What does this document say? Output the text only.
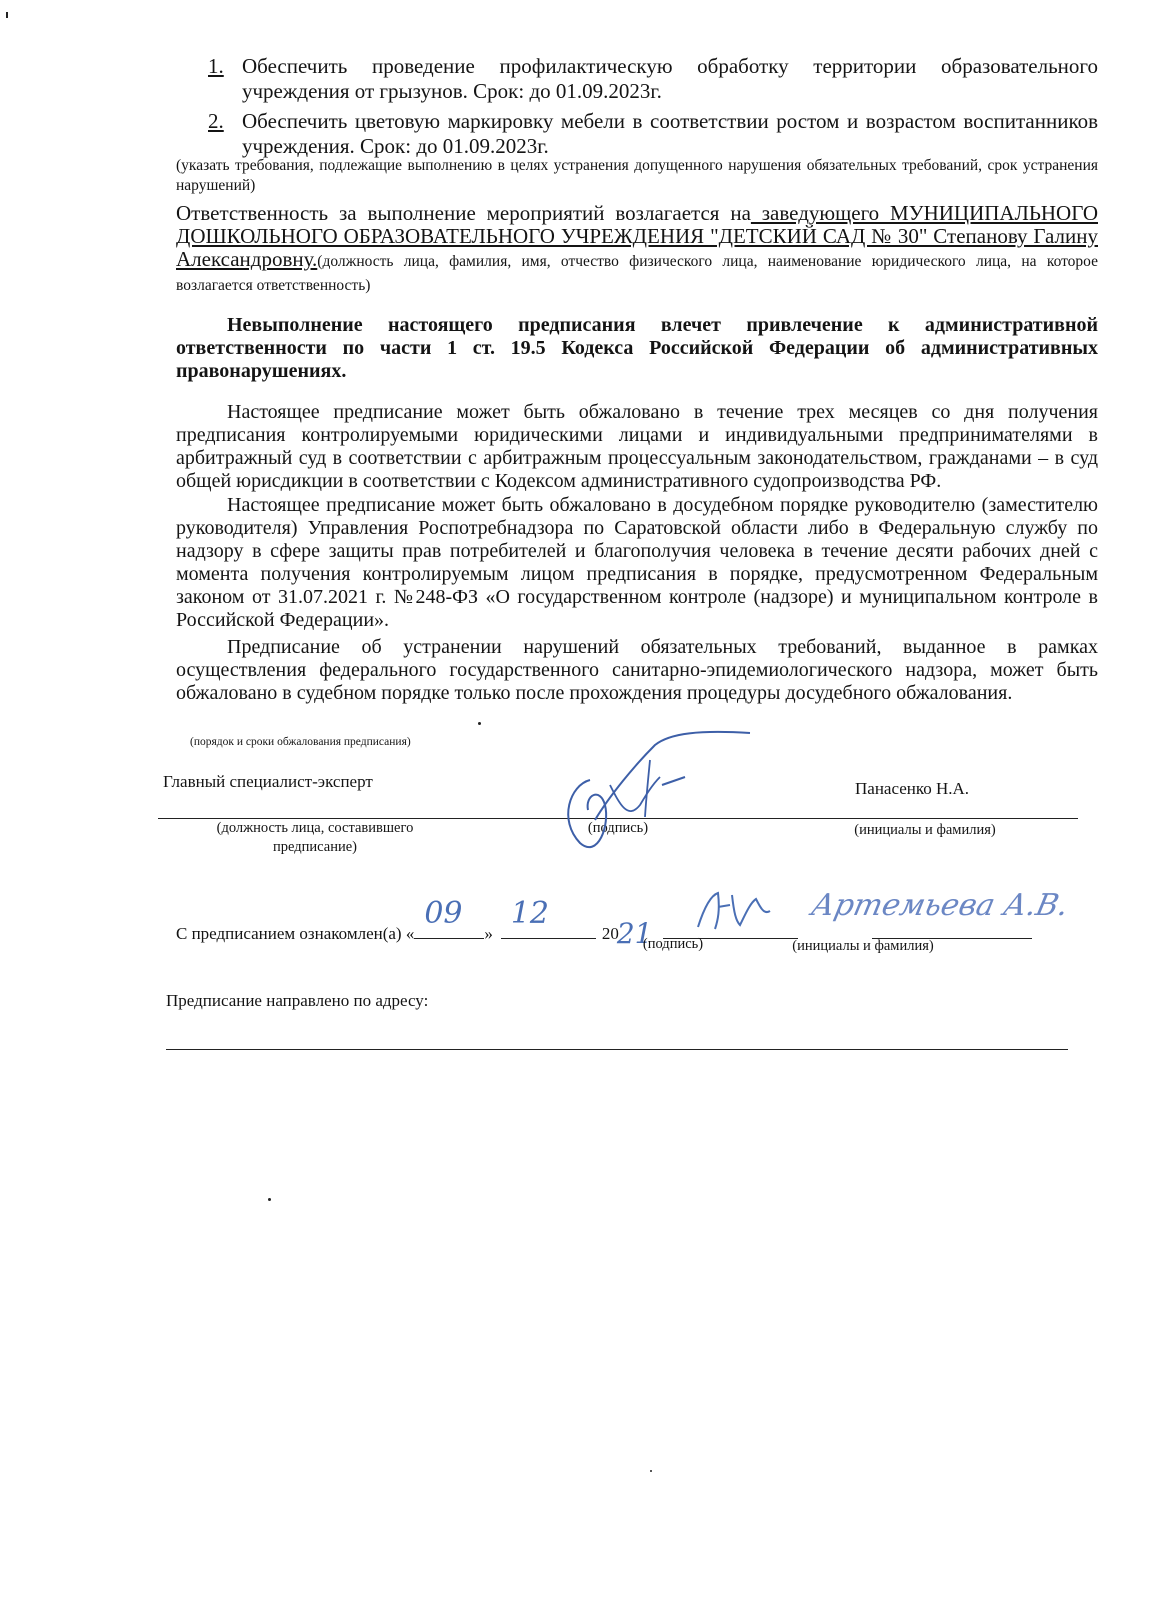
1. Обеспечить проведение профилактическую обработку территории образовательного учреждения от грызунов. Срок: до 01.09.2023г.
2. Обеспечить цветовую маркировку мебели в соответствии ростом и возрастом воспитанников учреждения. Срок: до 01.09.2023г.
(указать требования, подлежащие выполнению в целях устранения допущенного нарушения обязательных требований, срок устранения нарушений)
Ответственность за выполнение мероприятий возлагается на заведующего МУНИЦИПАЛЬНОГО ДОШКОЛЬНОГО ОБРАЗОВАТЕЛЬНОГО УЧРЕЖДЕНИЯ "ДЕТСКИЙ САД № 30" Степанову Галину Александровну.(должность лица, фамилия, имя, отчество физического лица, наименование юридического лица, на которое возлагается ответственность)
Невыполнение настоящего предписания влечет привлечение к административной ответственности по части 1 ст. 19.5 Кодекса Российской Федерации об административных правонарушениях.
Настоящее предписание может быть обжаловано в течение трех месяцев со дня получения предписания контролируемыми юридическими лицами и индивидуальными предпринимателями в арбитражный суд в соответствии с арбитражным процессуальным законодательством, гражданами – в суд общей юрисдикции в соответствии с Кодексом административного судопроизводства РФ.
Настоящее предписание может быть обжаловано в досудебном порядке руководителю (заместителю руководителя) Управления Роспотребнадзора по Саратовской области либо в Федеральную службу по надзору в сфере защиты прав потребителей и благополучия человека в течение десяти рабочих дней с момента получения контролируемым лицом предписания в порядке, предусмотренном Федеральным законом от 31.07.2021 г. №248-ФЗ «О государственном контроле (надзоре) и муниципальном контроле в Российской Федерации».
Предписание об устранении нарушений обязательных требований, выданное в рамках осуществления федерального государственного санитарно-эпидемиологического надзора, может быть обжаловано в судебном порядке только после прохождения процедуры досудебного обжалования.
(порядок и сроки обжалования предписания)
Главный специалист-эксперт	Панасенко Н.А.
(должность лица, составившего предписание)
(подпись)	(инициалы и фамилия)
С предписанием ознакомлен(а) «
09
»
12
20
21
Артемьева А.В.
(подпись)	(инициалы и фамилия)
Предписание направлено по адресу:
